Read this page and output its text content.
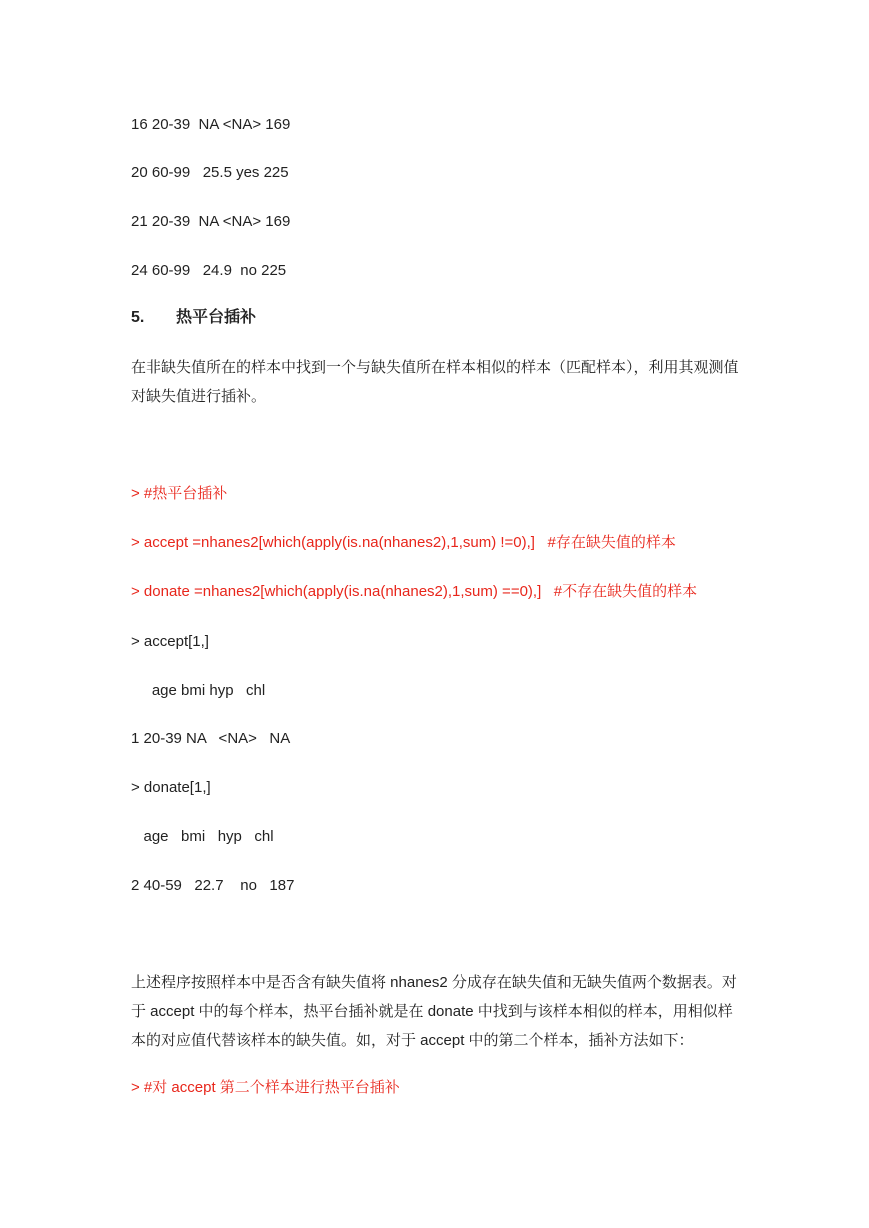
16 20-39  NA <NA> 169
20 60-99   25.5 yes 225
21 20-39  NA <NA> 169
24 60-99   24.9  no 225
5. 热平台插补
在非缺失值所在的样本中找到一个与缺失值所在样本相似的样本（匹配样本），利用其观测值对缺失值进行插补。
> #热平台插补
> accept =nhanes2[which(apply(is.na(nhanes2),1,sum) !=0),]   #存在缺失值的样本
> donate =nhanes2[which(apply(is.na(nhanes2),1,sum) ==0),]   #不存在缺失值的样本
> accept[1,]
age bmi hyp   chl
1 20-39 NA   <NA>   NA
> donate[1,]
age   bmi   hyp   chl
2 40-59   22.7    no   187
上述程序按照样本中是否含有缺失值将 nhanes2 分成存在缺失值和无缺失值两个数据表。对于 accept 中的每个样本，热平台插补就是在 donate 中找到与该样本相似的样本，用相似样本的对应值代替该样本的缺失值。如，对于 accept 中的第二个样本，插补方法如下：
> #对 accept 第二个样本进行热平台插补
